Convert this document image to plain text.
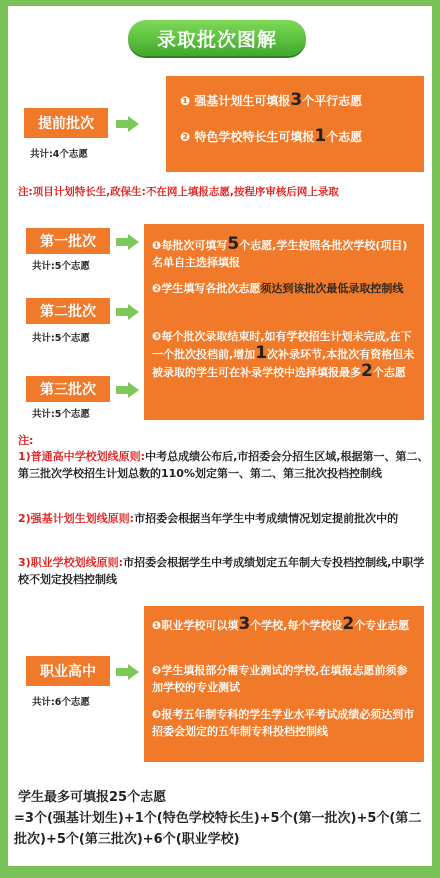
录取批次图解
提前批次
共计:4个志愿
❶ 强基计划生可填报3个平行志愿
❷ 特色学校特长生可填报1个志愿
注:项目计划特长生,政保生:不在网上填报志愿,按程序审核后网上录取
第一批次
共计:5个志愿
第二批次
共计:5个志愿
第三批次
共计:5个志愿
❶每批次可填写5个志愿,学生按照各批次学校(项目)名单自主选择填报
❷学生填写各批次志愿须达到该批次最低录取控制线
❸每个批次录取结束时,如有学校招生计划未完成,在下一个批次投档前,增加1次补录环节,本批次有资格但未被录取的学生可在补录学校中选择填报最多2个志愿
注:
1)普通高中学校划线原则:中考总成绩公布后,市招委会分招生区域,根据第一、第二、第三批次学校招生计划总数的110%划定第一、第二、第三批次投档控制线
2)强基计划生划线原则:市招委会根据当年学生中考成绩情况划定提前批次中的
3)职业学校划线原则:市招委会根据学生中考成绩划定五年制大专投档控制线,中职学校不划定投档控制线
职业高中
共计:6个志愿
❶职业学校可以填3个学校,每个学校设2个专业志愿
❷学生填报部分需专业测试的学校,在填报志愿前须参加学校的专业测试
❸报考五年制专科的学生学业水平考试成绩必须达到市招委会划定的五年制专科投档控制线
学生最多可填报25个志愿
=3个(强基计划生)+1个(特色学校特长生)+5个(第一批次)+5个(第二批次)+5个(第三批次)+6个(职业学校)
